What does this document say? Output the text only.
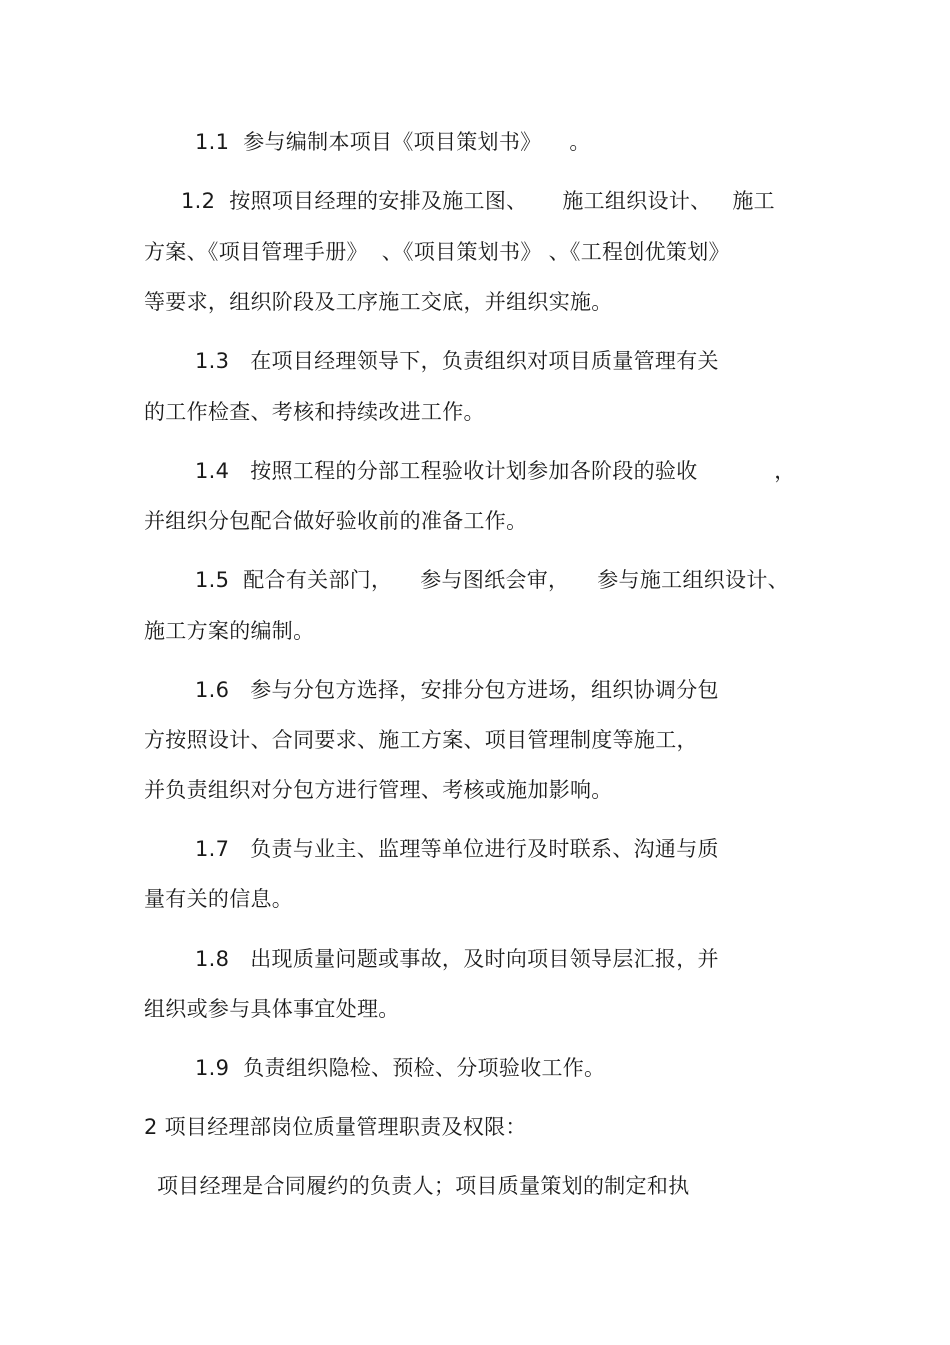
1.1  参与编制本项目《项目策划书》    。
1.2  按照项目经理的安排及施工图、     施工组织设计、   施工
方案、《项目管理手册》  、《项目策划书》 、《工程创优策划》
等要求，组织阶段及工序施工交底，并组织实施。
1.3   在项目经理领导下，负责组织对项目质量管理有关
的工作检查、考核和持续改进工作。
1.4   按照工程的分部工程验收计划参加各阶段的验收           ，
并组织分包配合做好验收前的准备工作。
1.5  配合有关部门，    参与图纸会审，    参与施工组织设计、
施工方案的编制。
1.6   参与分包方选择，安排分包方进场，组织协调分包
方按照设计、合同要求、施工方案、项目管理制度等施工，
并负责组织对分包方进行管理、考核或施加影响。
1.7   负责与业主、监理等单位进行及时联系、沟通与质
量有关的信息。
1.8   出现质量问题或事故，及时向项目领导层汇报，并
组织或参与具体事宜处理。
1.9  负责组织隐检、预检、分项验收工作。
2 项目经理部岗位质量管理职责及权限：
项目经理是合同履约的负责人；项目质量策划的制定和执
